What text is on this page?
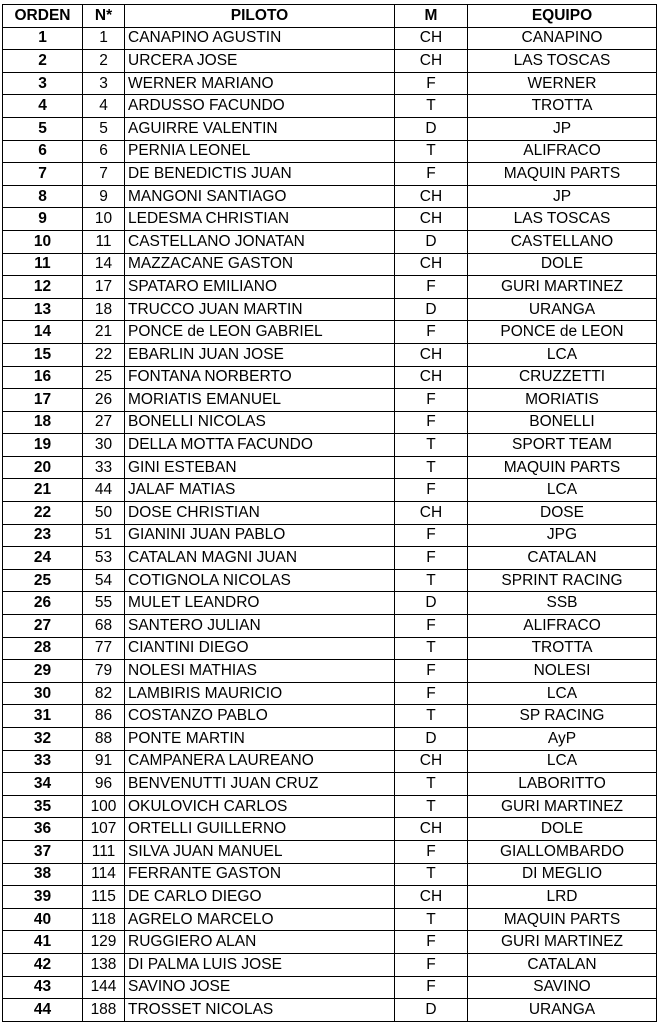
ORDEN	N*	PILOTO	M	EQUIPO
1	1	CANAPINO AGUSTIN	CH	CANAPINO
2	2	URCERA JOSE	CH	LAS TOSCAS
3	3	WERNER MARIANO	F	WERNER
4	4	ARDUSSO FACUNDO	T	TROTTA
5	5	AGUIRRE VALENTIN	D	JP
6	6	PERNIA LEONEL	T	ALIFRACO
7	7	DE BENEDICTIS JUAN	F	MAQUIN PARTS
8	9	MANGONI SANTIAGO	CH	JP
9	10	LEDESMA CHRISTIAN	CH	LAS TOSCAS
10	11	CASTELLANO JONATAN	D	CASTELLANO
11	14	MAZZACANE GASTON	CH	DOLE
12	17	SPATARO EMILIANO	F	GURI MARTINEZ
13	18	TRUCCO JUAN MARTIN	D	URANGA
14	21	PONCE de LEON GABRIEL	F	PONCE de LEON
15	22	EBARLIN JUAN JOSE	CH	LCA
16	25	FONTANA NORBERTO	CH	CRUZZETTI
17	26	MORIATIS EMANUEL	F	MORIATIS
18	27	BONELLI NICOLAS	F	BONELLI
19	30	DELLA MOTTA FACUNDO	T	SPORT TEAM
20	33	GINI ESTEBAN	T	MAQUIN PARTS
21	44	JALAF MATIAS	F	LCA
22	50	DOSE CHRISTIAN	CH	DOSE
23	51	GIANINI JUAN PABLO	F	JPG
24	53	CATALAN MAGNI JUAN	F	CATALAN
25	54	COTIGNOLA NICOLAS	T	SPRINT RACING
26	55	MULET LEANDRO	D	SSB
27	68	SANTERO JULIAN	F	ALIFRACO
28	77	CIANTINI DIEGO	T	TROTTA
29	79	NOLESI MATHIAS	F	NOLESI
30	82	LAMBIRIS MAURICIO	F	LCA
31	86	COSTANZO PABLO	T	SP RACING
32	88	PONTE MARTIN	D	AyP
33	91	CAMPANERA LAUREANO	CH	LCA
34	96	BENVENUTTI JUAN CRUZ	T	LABORITTO
35	100	OKULOVICH CARLOS	T	GURI MARTINEZ
36	107	ORTELLI GUILLERNO	CH	DOLE
37	111	SILVA JUAN MANUEL	F	GIALLOMBARDO
38	114	FERRANTE GASTON	T	DI MEGLIO
39	115	DE CARLO DIEGO	CH	LRD
40	118	AGRELO MARCELO	T	MAQUIN PARTS
41	129	RUGGIERO ALAN	F	GURI MARTINEZ
42	138	DI PALMA LUIS JOSE	F	CATALAN
43	144	SAVINO JOSE	F	SAVINO
44	188	TROSSET NICOLAS	D	URANGA
